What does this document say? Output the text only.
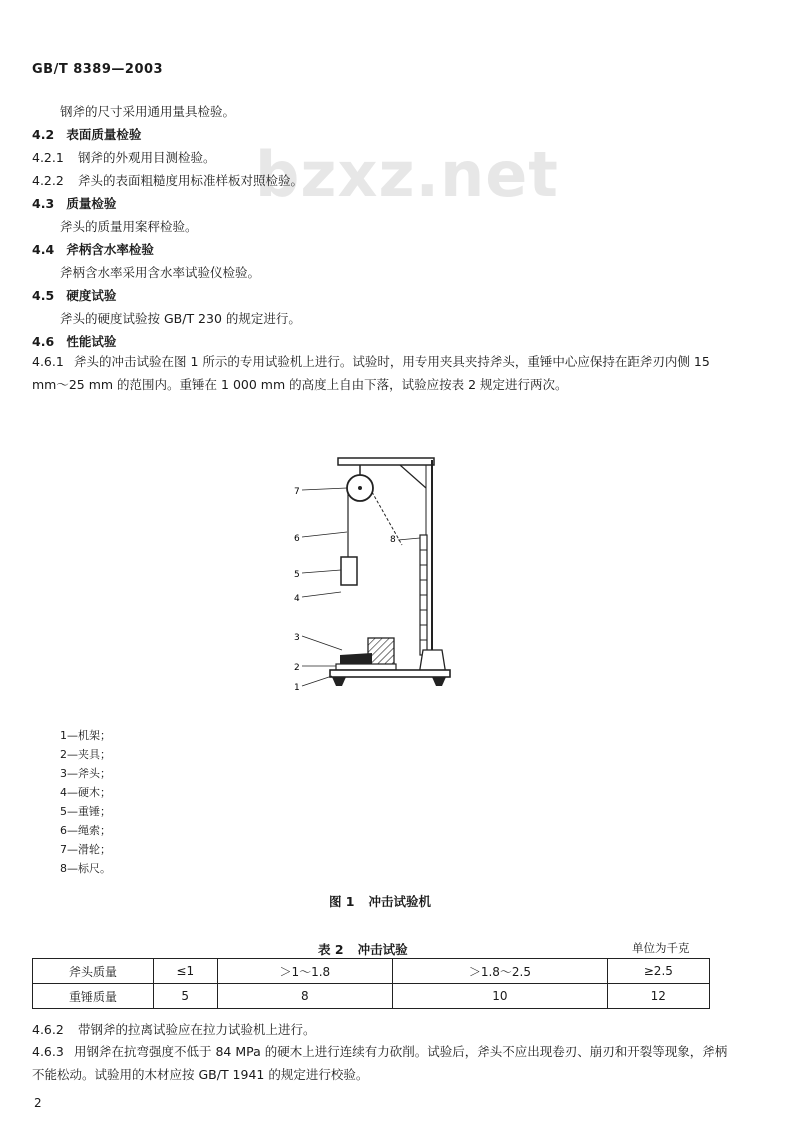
GB/T 8389—2003
bzxz.net
钢斧的尺寸采用通用量具检验。
4.2 表面质量检验
4.2.1 钢斧的外观用目测检验。
4.2.2 斧头的表面粗糙度用标准样板对照检验。
4.3 质量检验
斧头的质量用案秤检验。
4.4 斧柄含水率检验
斧柄含水率采用含水率试验仪检验。
4.5 硬度试验
斧头的硬度试验按 GB/T 230 的规定进行。
4.6 性能试验
4.6.1 斧头的冲击试验在图 1 所示的专用试验机上进行。试验时，用专用夹具夹持斧头，重锤中心应保持在距斧刃内侧 15 mm～25 mm 的范围内。重锤在 1 000 mm 的高度上自由下落，试验应按表 2 规定进行两次。
7
6
5
4
3
2
1
8
1—机架；
2—夹具；
3—斧头；
4—硬木；
5—重锤；
6—绳索；
7—滑轮；
8—标尺。
图 1 冲击试验机
表 2 冲击试验	单位为千克
斧头质量	≤1	＞1～1.8	＞1.8～2.5	≥2.5
重锤质量	5	8	10	12
4.6.2 带钢斧的拉离试验应在拉力试验机上进行。
4.6.3 用钢斧在抗弯强度不低于 84 MPa 的硬木上进行连续有力砍削。试验后，斧头不应出现卷刃、崩刃和开裂等现象，斧柄不能松动。试验用的木材应按 GB/T 1941 的规定进行校验。
2
